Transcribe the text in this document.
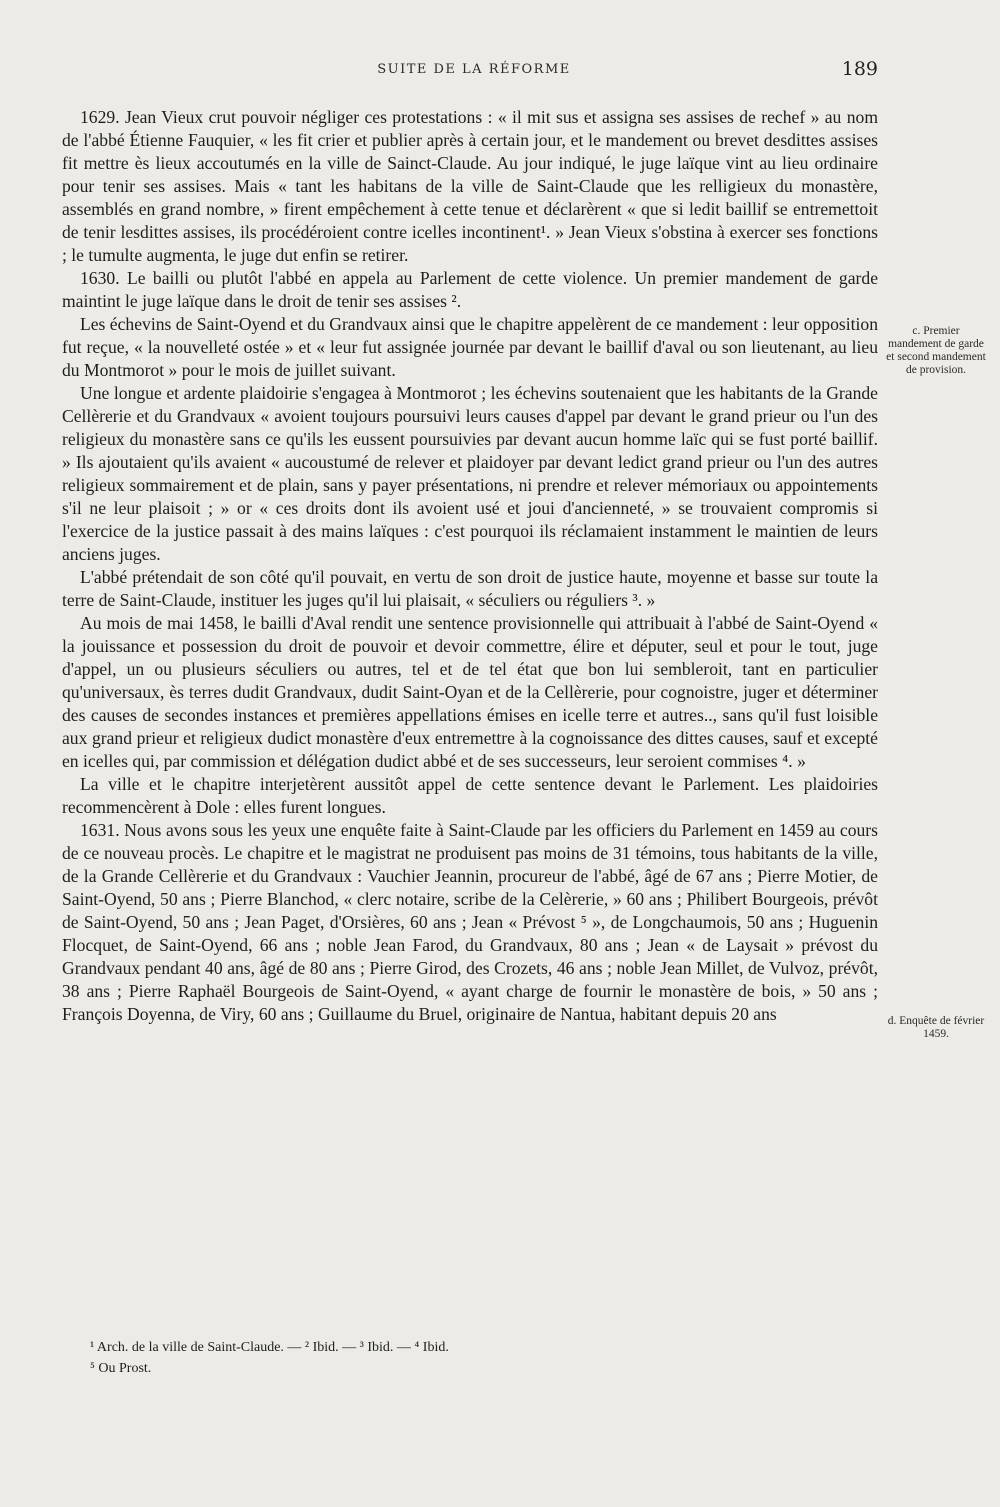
SUITE DE LA RÉFORME	189

1629. Jean Vieux crut pouvoir négliger ces protestations : « il mit sus et assigna ses assises de rechef » au nom de l'abbé Étienne Fauquier, « les fit crier et publier après à certain jour, et le mandement ou brevet desdittes assises fit mettre ès lieux accoutumés en la ville de Sainct-Claude. Au jour indiqué, le juge laïque vint au lieu ordinaire pour tenir ses assises. Mais « tant les habitans de la ville de Saint-Claude que les relligieux du monastère, assemblés en grand nombre, » firent empêchement à cette tenue et déclarèrent « que si ledit baillif se entremettoit de tenir lesdittes assises, ils procédéroient contre icelles incontinent¹. » Jean Vieux s'obstina à exercer ses fonctions ; le tumulte augmenta, le juge dut enfin se retirer.

1630. Le bailli ou plutôt l'abbé en appela au Parlement de cette violence. Un premier mandement de garde maintint le juge laïque dans le droit de tenir ses assises ².

Les échevins de Saint-Oyend et du Grandvaux ainsi que le chapitre appelèrent de ce mandement : leur opposition fut reçue, « la nouvelleté ostée » et « leur fut assignée journée par devant le baillif d'aval ou son lieutenant, au lieu du Montmorot » pour le mois de juillet suivant.

Une longue et ardente plaidoirie s'engagea à Montmorot ; les échevins soutenaient que les habitants de la Grande Cellèrerie et du Grandvaux « avoient toujours poursuivi leurs causes d'appel par devant le grand prieur ou l'un des religieux du monastère sans ce qu'ils les eussent poursuivies par devant aucun homme laïc qui se fust porté baillif. » Ils ajoutaient qu'ils avaient « aucoustumé de relever et plaidoyer par devant ledict grand prieur ou l'un des autres religieux sommairement et de plain, sans y payer présentations, ni prendre et relever mémoriaux ou appointements s'il ne leur plaisoit ; » or « ces droits dont ils avoient usé et joui d'ancienneté, » se trouvaient compromis si l'exercice de la justice passait à des mains laïques : c'est pourquoi ils réclamaient instamment le maintien de leurs anciens juges.

L'abbé prétendait de son côté qu'il pouvait, en vertu de son droit de justice haute, moyenne et basse sur toute la terre de Saint-Claude, instituer les juges qu'il lui plaisait, « séculiers ou réguliers ³. »

Au mois de mai 1458, le bailli d'Aval rendit une sentence provisionnelle qui attribuait à l'abbé de Saint-Oyend « la jouissance et possession du droit de pouvoir et devoir commettre, élire et députer, seul et pour le tout, juge d'appel, un ou plusieurs séculiers ou autres, tel et de tel état que bon lui sembleroit, tant en particulier qu'universaux, ès terres dudit Grandvaux, dudit Saint-Oyan et de la Cellèrerie, pour cognoistre, juger et déterminer des causes de secondes instances et premières appellations émises en icelle terre et autres.., sans qu'il fust loisible aux grand prieur et religieux dudict monastère d'eux entremettre à la cognoissance des dittes causes, sauf et excepté en icelles qui, par commission et délégation dudict abbé et de ses successeurs, leur seroient commises ⁴. »

La ville et le chapitre interjetèrent aussitôt appel de cette sentence devant le Parlement. Les plaidoiries recommencèrent à Dole : elles furent longues.

1631. Nous avons sous les yeux une enquête faite à Saint-Claude par les officiers du Parlement en 1459 au cours de ce nouveau procès. Le chapitre et le magistrat ne produisent pas moins de 31 témoins, tous habitants de la ville, de la Grande Cellèrerie et du Grandvaux : Vauchier Jeannin, procureur de l'abbé, âgé de 67 ans ; Pierre Motier, de Saint-Oyend, 50 ans ; Pierre Blanchod, « clerc notaire, scribe de la Celèrerie, » 60 ans ; Philibert Bourgeois, prévôt de Saint-Oyend, 50 ans ; Jean Paget, d'Orsières, 60 ans ; Jean « Prévost ⁵ », de Longchaumois, 50 ans ; Huguenin Flocquet, de Saint-Oyend, 66 ans ; noble Jean Farod, du Grandvaux, 80 ans ; Jean « de Laysait » prévost du Grandvaux pendant 40 ans, âgé de 80 ans ; Pierre Girod, des Crozets, 46 ans ; noble Jean Millet, de Vulvoz, prévôt, 38 ans ; Pierre Raphaël Bourgeois de Saint-Oyend, « ayant charge de fournir le monastère de bois, » 50 ans ; François Doyenna, de Viry, 60 ans ; Guillaume du Bruel, originaire de Nantua, habitant depuis 20 ans

c. Premier mandement de garde et second mandement de provision.
d. Enquête de février 1459.
¹ Arch. de la ville de Saint-Claude. — ² Ibid. — ³ Ibid. — ⁴ Ibid.
⁵ Ou Prost.
